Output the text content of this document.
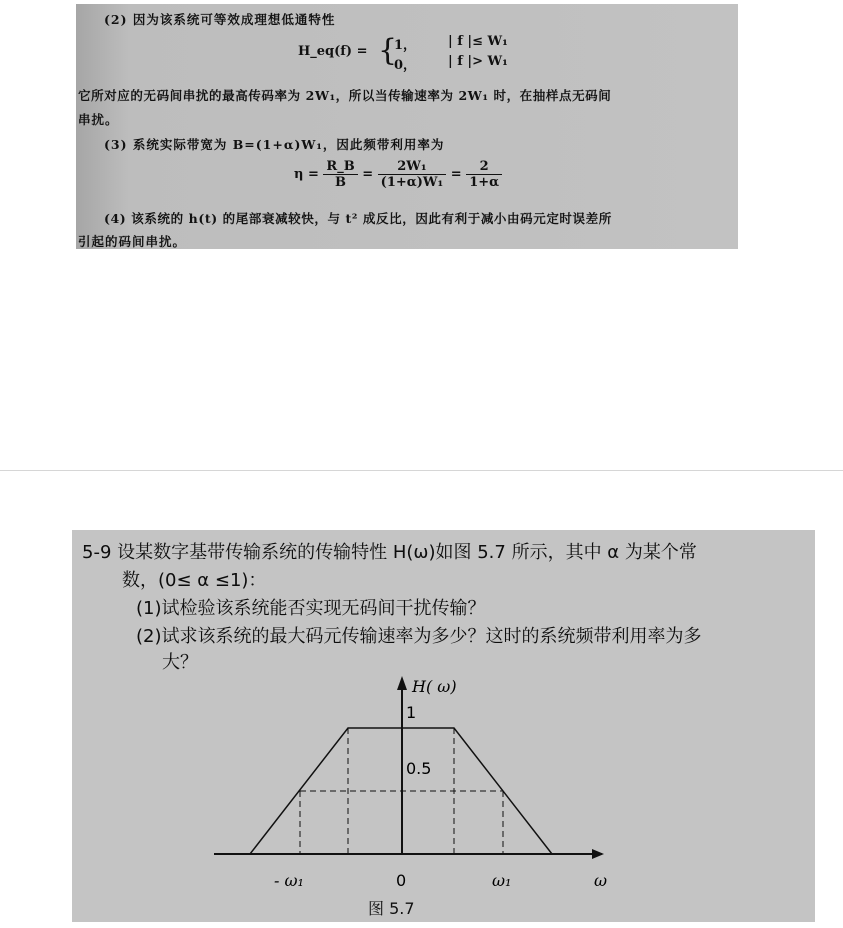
(2) 因为该系统可等效成理想低通特性
H_eq(f) = {
1， | f |≤ W₁
0， | f |> W₁
它所对应的无码间串扰的最高传码率为 2W₁，所以当传输速率为 2W₁ 时，在抽样点无码间
串扰。
(3) 系统实际带宽为 B=(1+α)W₁，因此频带利用率为
$\eta = \frac{R\_B}{B} = \frac{\text{2W₁}}{\text{(1+α)W₁}} = \frac{2}{1+\alpha}$
(4) 该系统的 h(t) 的尾部衰减较快，与 t² 成反比，因此有利于减小由码元定时误差所
引起的码间串扰。
5-9 设某数字基带传输系统的传输特性 H(ω)如图 5.7 所示，其中 α 为某个常
数，(0≤ α ≤1)：
(1)试检验该系统能否实现无码间干扰传输？
(2)试求该系统的最大码元传输速率为多少？这时的系统频带利用率为多
大？
H( ω)
1
0.5
- ω₁	0	ω₁	ω
图 5.7
